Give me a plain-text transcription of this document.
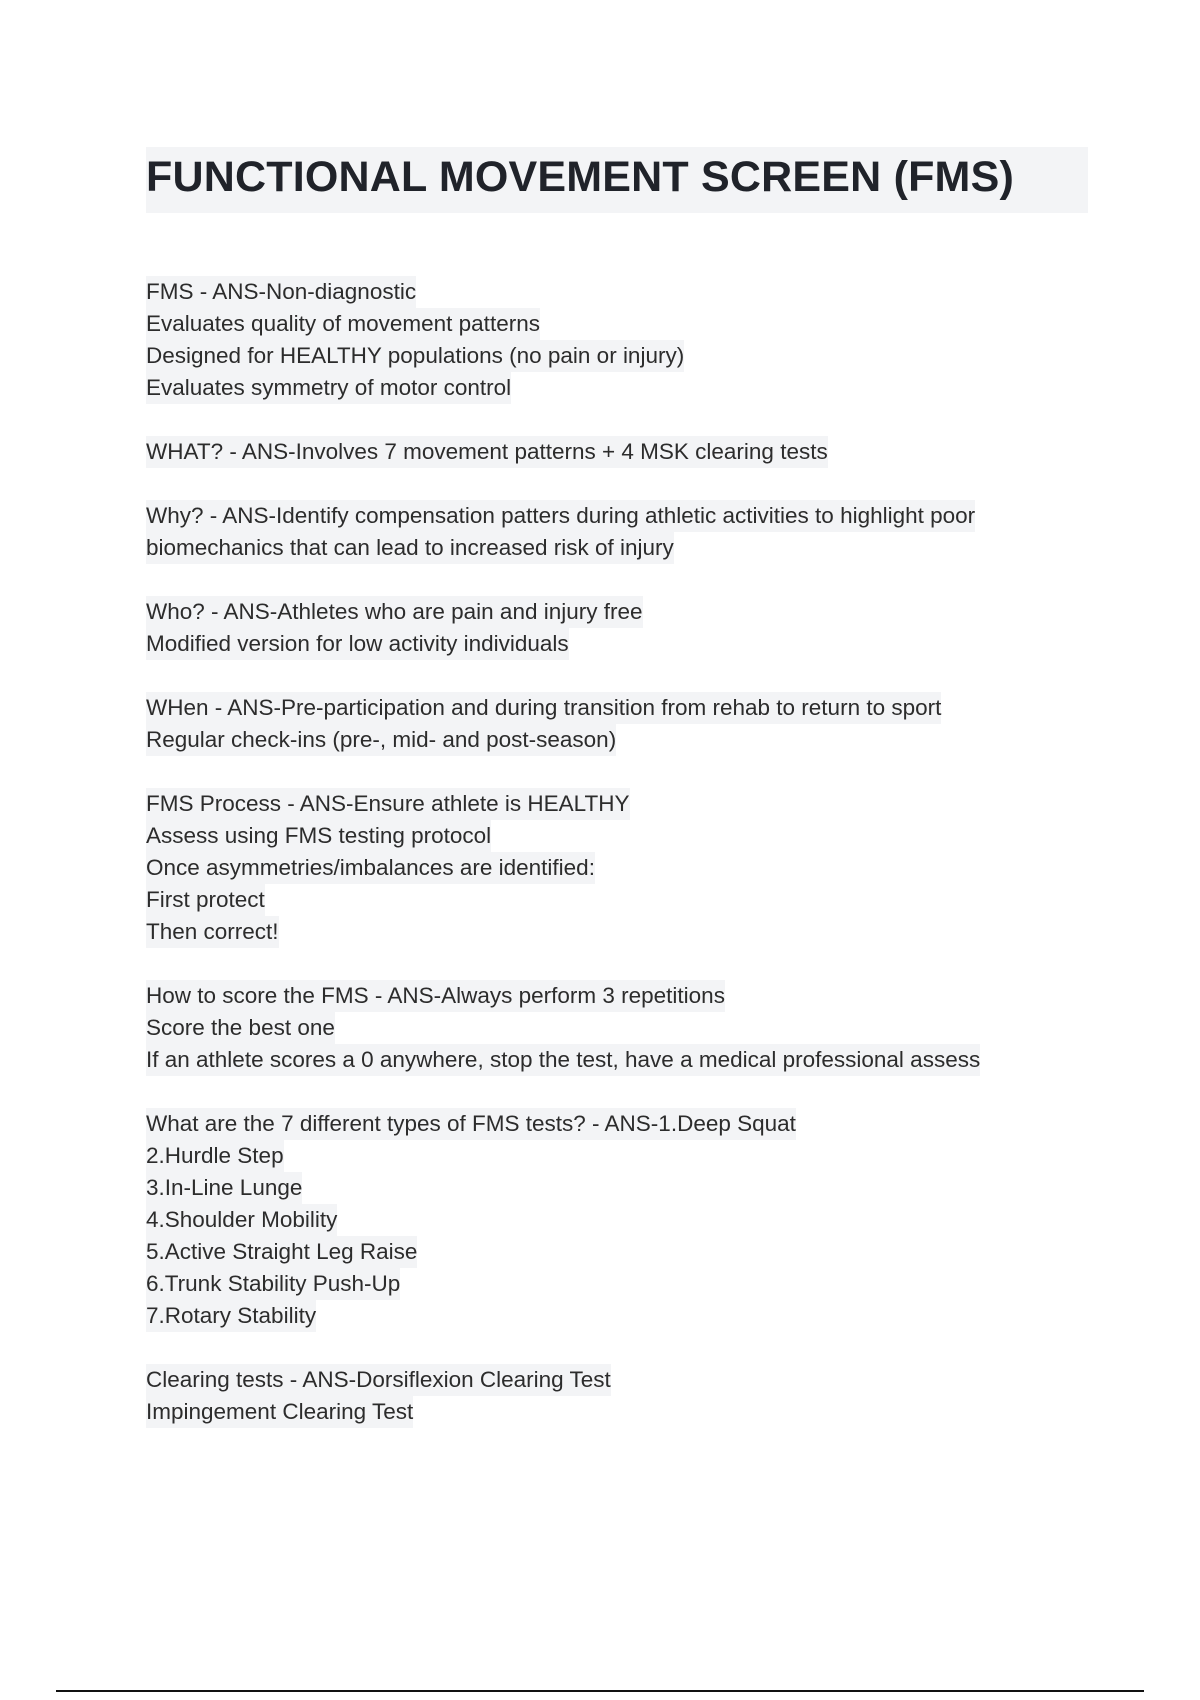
FUNCTIONAL MOVEMENT SCREEN (FMS)
FMS - ANS-Non-diagnostic
Evaluates quality of movement patterns
Designed for HEALTHY populations (no pain or injury)
Evaluates symmetry of motor control
WHAT? - ANS-Involves 7 movement patterns + 4 MSK clearing tests
Why? - ANS-Identify compensation patters during athletic activities to highlight poor
biomechanics that can lead to increased risk of injury
Who? - ANS-Athletes who are pain and injury free
Modified version for low activity individuals
WHen - ANS-Pre-participation and during transition from rehab to return to sport
Regular check-ins (pre-, mid- and post-season)
FMS Process - ANS-Ensure athlete is HEALTHY
Assess using FMS testing protocol
Once asymmetries/imbalances are identified:
First protect
Then correct!
How to score the FMS - ANS-Always perform 3 repetitions
Score the best one
If an athlete scores a 0 anywhere, stop the test, have a medical professional assess
What are the 7 different types of FMS tests? - ANS-1.Deep Squat
2.Hurdle Step
3.In-Line Lunge
4.Shoulder Mobility
5.Active Straight Leg Raise
6.Trunk Stability Push-Up
7.Rotary Stability
Clearing tests - ANS-Dorsiflexion Clearing Test
Impingement Clearing Test
